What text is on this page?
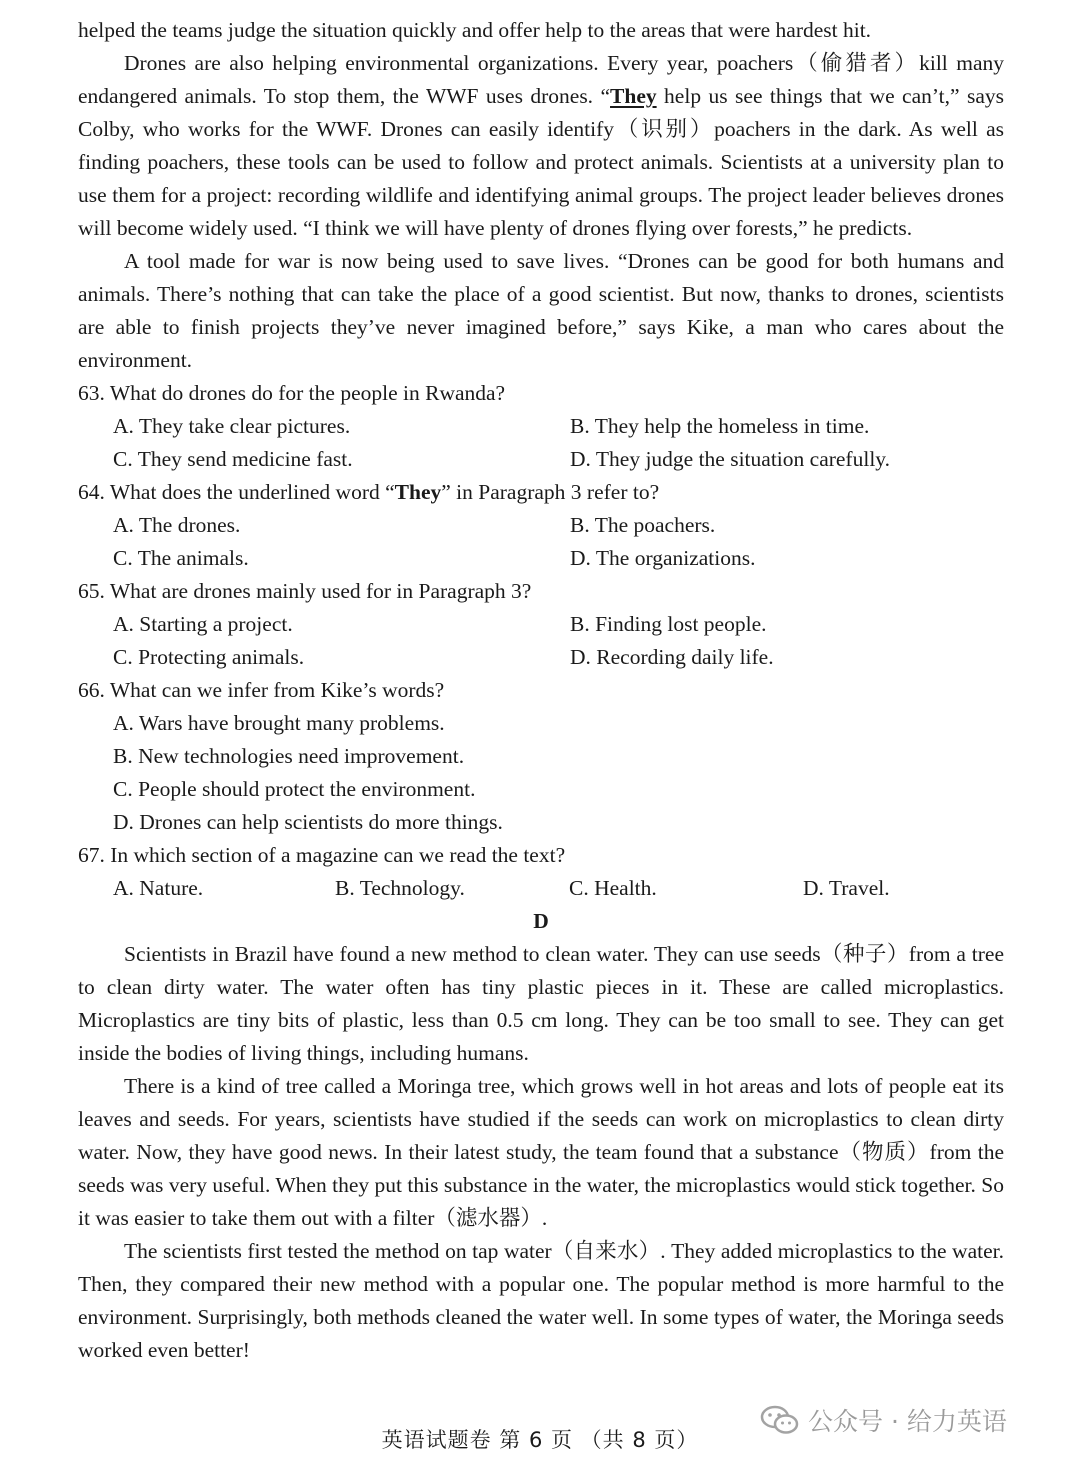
helped the teams judge the situation quickly and offer help to the areas that were hardest hit.

Drones are also helping environmental organizations. Every year, poachers（偷猎者）kill many endangered animals. To stop them, the WWF uses drones. “They help us see things that we can’t,” says Colby, who works for the WWF. Drones can easily identify（识别）poachers in the dark. As well as finding poachers, these tools can be used to follow and protect animals. Scientists at a university plan to use them for a project: recording wildlife and identifying animal groups. The project leader believes drones will become widely used. “I think we will have plenty of drones flying over forests,” he predicts.

A tool made for war is now being used to save lives. “Drones can be good for both humans and animals. There’s nothing that can take the place of a good scientist. But now, thanks to drones, scientists are able to finish projects they’ve never imagined before,” says Kike, a man who cares about the environment.

63. What do drones do for the people in Rwanda?

A. They take clear pictures.	B. They help the homeless in time.
C. They send medicine fast.	D. They judge the situation carefully.

64. What does the underlined word “They” in Paragraph 3 refer to?

A. The drones.	B. The poachers.
C. The animals.	D. The organizations.

65. What are drones mainly used for in Paragraph 3?

A. Starting a project.	B. Finding lost people.
C. Protecting animals.	D. Recording daily life.

66. What can we infer from Kike’s words?

A. Wars have brought many problems.
B. New technologies need improvement.
C. People should protect the environment.
D. Drones can help scientists do more things.

67. In which section of a magazine can we read the text?

A. Nature.	B. Technology.	C. Health.	D. Travel.

D

Scientists in Brazil have found a new method to clean water. They can use seeds（种子）from a tree to clean dirty water. The water often has tiny plastic pieces in it. These are called microplastics. Microplastics are tiny bits of plastic, less than 0.5 cm long. They can be too small to see. They can get inside the bodies of living things, including humans.

There is a kind of tree called a Moringa tree, which grows well in hot areas and lots of people eat its leaves and seeds. For years, scientists have studied if the seeds can work on microplastics to clean dirty water. Now, they have good news. In their latest study, the team found that a substance（物质）from the seeds was very useful. When they put this substance in the water, the microplastics would stick together. So it was easier to take them out with a filter（滤水器）.

The scientists first tested the method on tap water（自来水）. They added microplastics to the water. Then, they compared their new method with a popular one. The popular method is more harmful to the environment. Surprisingly, both methods cleaned the water well. In some types of water, the Moringa seeds worked even better!

公众号 · 给力英语
英语试题卷 第 6 页 （共 8 页）
